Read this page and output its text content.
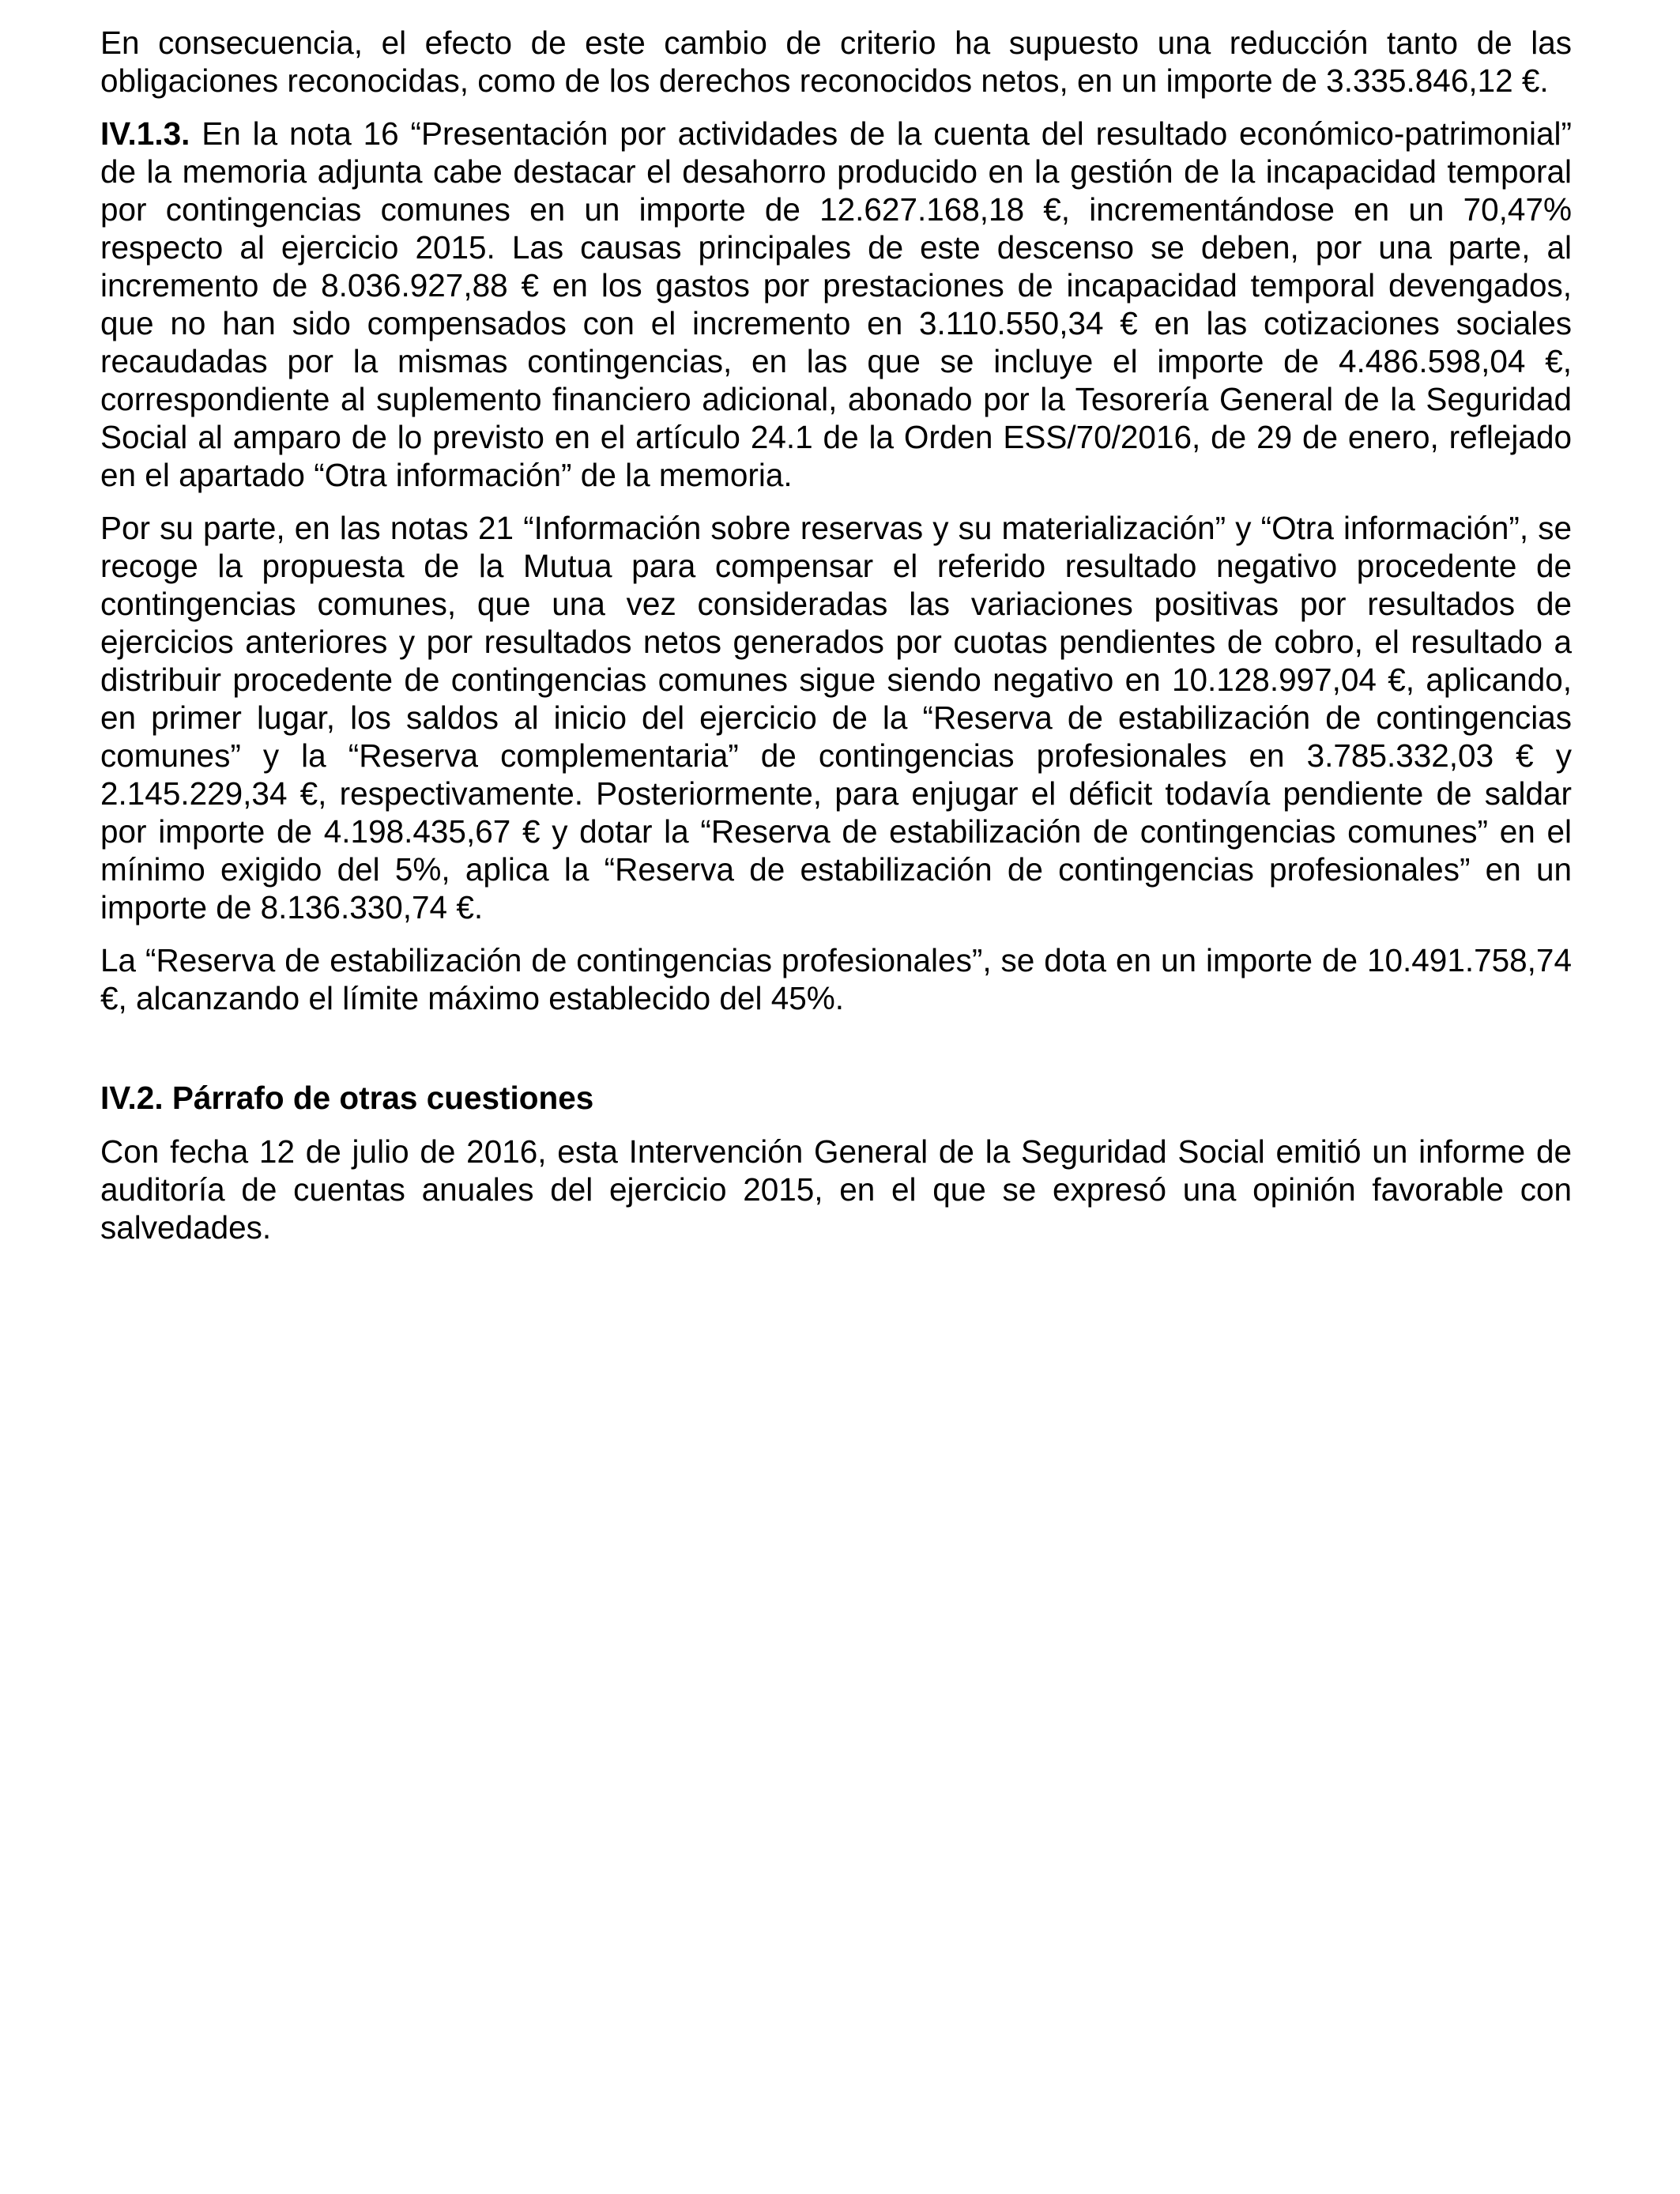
En consecuencia, el efecto de este cambio de criterio ha supuesto una reducción tanto de las obligaciones reconocidas, como de los derechos reconocidos netos, en un importe de 3.335.846,12 €.

IV.1.3. En la nota 16 “Presentación por actividades de la cuenta del resultado económico-patrimonial” de la memoria adjunta cabe destacar el desahorro producido en la gestión de la incapacidad temporal por contingencias comunes en un importe de 12.627.168,18 €, incrementándose en un 70,47% respecto al ejercicio 2015. Las causas principales de este descenso se deben, por una parte, al incremento de 8.036.927,88 € en los gastos por prestaciones de incapacidad temporal devengados, que no han sido compensados con el incremento en 3.110.550,34 € en las cotizaciones sociales recaudadas por la mismas contingencias, en las que se incluye el importe de 4.486.598,04 €, correspondiente al suplemento financiero adicional, abonado por la Tesorería General de la Seguridad Social al amparo de lo previsto en el artículo 24.1 de la Orden ESS/70/2016, de 29 de enero, reflejado en el apartado “Otra información” de la memoria.

Por su parte, en las notas 21 “Información sobre reservas y su materialización” y “Otra información”, se recoge la propuesta de la Mutua para compensar el referido resultado negativo procedente de contingencias comunes, que una vez consideradas las variaciones positivas por resultados de ejercicios anteriores y por resultados netos generados por cuotas pendientes de cobro, el resultado a distribuir procedente de contingencias comunes sigue siendo negativo en 10.128.997,04 €, aplicando, en primer lugar, los saldos al inicio del ejercicio de la “Reserva de estabilización de contingencias comunes” y la “Reserva complementaria” de contingencias profesionales en 3.785.332,03 € y 2.145.229,34 €, respectivamente. Posteriormente, para enjugar el déficit todavía pendiente de saldar por importe de 4.198.435,67 € y dotar la “Reserva de estabilización de contingencias comunes” en el mínimo exigido del 5%, aplica la “Reserva de estabilización de contingencias profesionales” en un importe de 8.136.330,74 €.

La “Reserva de estabilización de contingencias profesionales”, se dota en un importe de 10.491.758,74 €, alcanzando el límite máximo establecido del 45%.

IV.2. Párrafo de otras cuestiones

Con fecha 12 de julio de 2016, esta Intervención General de la Seguridad Social emitió un informe de auditoría de cuentas anuales del ejercicio 2015, en el que se expresó una opinión favorable con salvedades.
